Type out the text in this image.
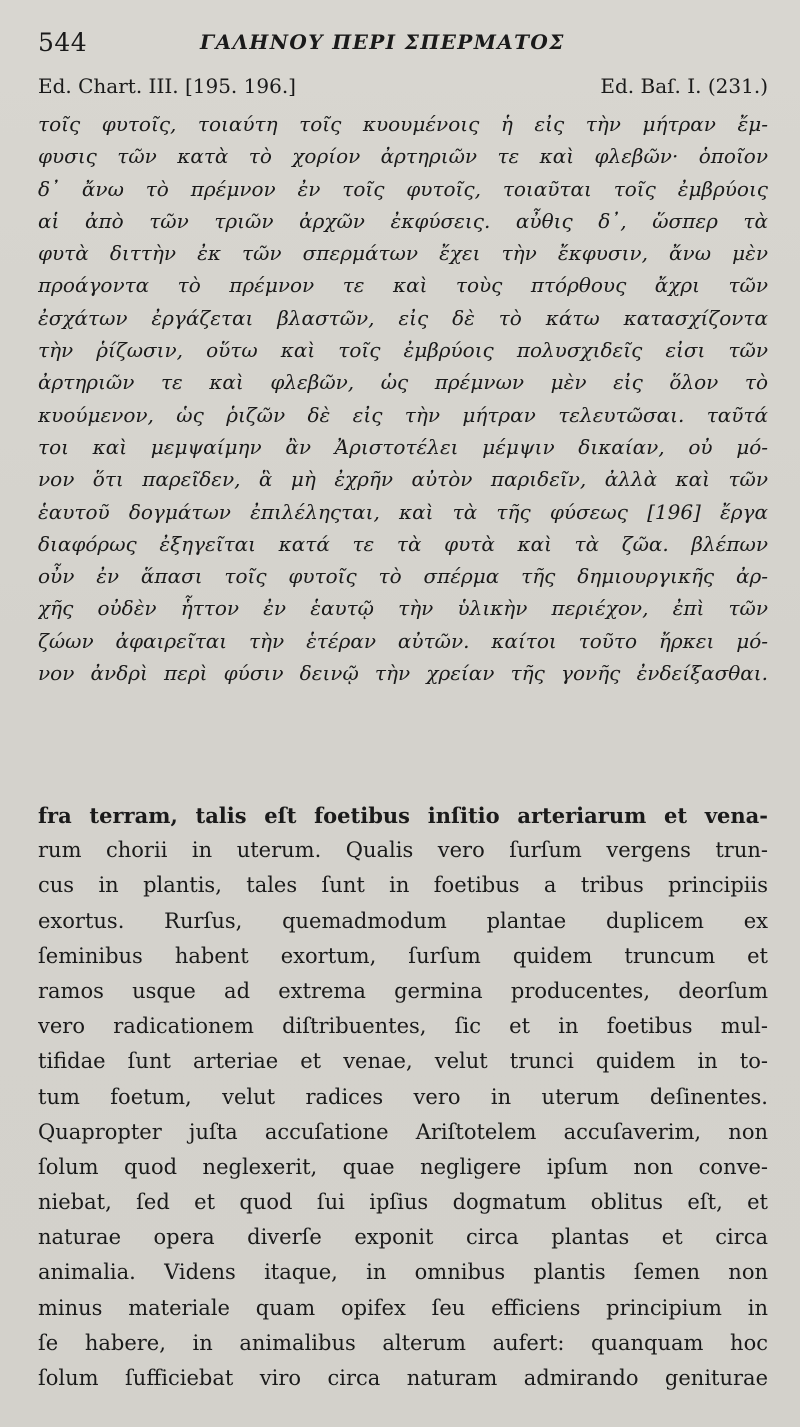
544	ΓΑΛΗΝΟΥ ΠΕΡΙ ΣΠΕΡΜΑΤΟΣ
Ed. Chart. III. [195. 196.]	Ed. Baſ. I. (231.)
τοῖς φυτοῖς, τοιαύτη τοῖς κυουμένοις ἡ εἰς τὴν μήτραν ἔμ-
φυσις τῶν κατὰ τὸ χορίον ἀρτηριῶν τε καὶ φλεβῶν· ὁποῖον
δ᾽ ἄνω τὸ πρέμνον ἐν τοῖς φυτοῖς, τοιαῦται τοῖς ἐμβρύοις
αἱ ἀπὸ τῶν τριῶν ἀρχῶν ἐκφύσεις. αὖθις δ᾽, ὥσπερ τὰ
φυτὰ διττὴν ἐκ τῶν σπερμάτων ἔχει τὴν ἔκφυσιν, ἄνω μὲν
προάγοντα τὸ πρέμνον τε καὶ τοὺς πτόρθους ἄχρι τῶν
ἐσχάτων ἐργάζεται βλαστῶν, εἰς δὲ τὸ κάτω κατασχίζοντα
τὴν ῥίζωσιν, οὕτω καὶ τοῖς ἐμβρύοις πολυσχιδεῖς εἰσι τῶν
ἀρτηριῶν τε καὶ φλεβῶν, ὡς πρέμνων μὲν εἰς ὅλον τὸ
κυούμενον, ὡς ῥιζῶν δὲ εἰς τὴν μήτραν τελευτῶσαι. ταῦτά
τοι καὶ μεμψαίμην ἂν Ἀριστοτέλει μέμψιν δικαίαν, οὐ μό-
νον ὅτι παρεῖδεν, ἃ μὴ ἐχρῆν αὐτὸν παριδεῖν, ἀλλὰ καὶ τῶν
ἑαυτοῦ δογμάτων ἐπιλέληςται, καὶ τὰ τῆς φύσεως [196] ἔργα
διαφόρως ἐξηγεῖται κατά τε τὰ φυτὰ καὶ τὰ ζῶα. βλέπων
οὖν ἐν ἅπασι τοῖς φυτοῖς τὸ σπέρμα τῆς δημιουργικῆς ἀρ-
χῆς οὐδὲν ἧττον ἐν ἑαυτῷ τὴν ὑλικὴν περιέχον, ἐπὶ τῶν
ζώων ἀφαιρεῖται τὴν ἑτέραν αὐτῶν. καίτοι τοῦτο ἤρκει μό-
νον ἀνδρὶ περὶ φύσιν δεινῷ τὴν χρείαν τῆς γονῆς ἐνδείξασθαι.
fra terram, talis eſt foetibus inſitio arteriarum et vena-
rum chorii in uterum. Qualis vero ſurſum vergens trun-
cus in plantis, tales ſunt in foetibus a tribus principiis
exortus. Rurſus, quemadmodum plantae duplicem ex
ſeminibus habent exortum, ſurſum quidem truncum et
ramos usque ad extrema germina producentes, deorſum
vero radicationem diſtribuentes, ſic et in foetibus mul-
tifidae ſunt arteriae et venae, velut trunci quidem in to-
tum foetum, velut radices vero in uterum deſinentes.
Quapropter juſta accuſatione Ariſtotelem accuſaverim, non
ſolum quod neglexerit, quae negligere ipſum non conve-
niebat, ſed et quod ſui ipſius dogmatum oblitus eſt, et
naturae opera diverſe exponit circa plantas et circa
animalia. Videns itaque, in omnibus plantis ſemen non
minus materiale quam opifex ſeu efficiens principium in
ſe habere, in animalibus alterum aufert: quanquam hoc
ſolum ſufficiebat viro circa naturam admirando geniturae
